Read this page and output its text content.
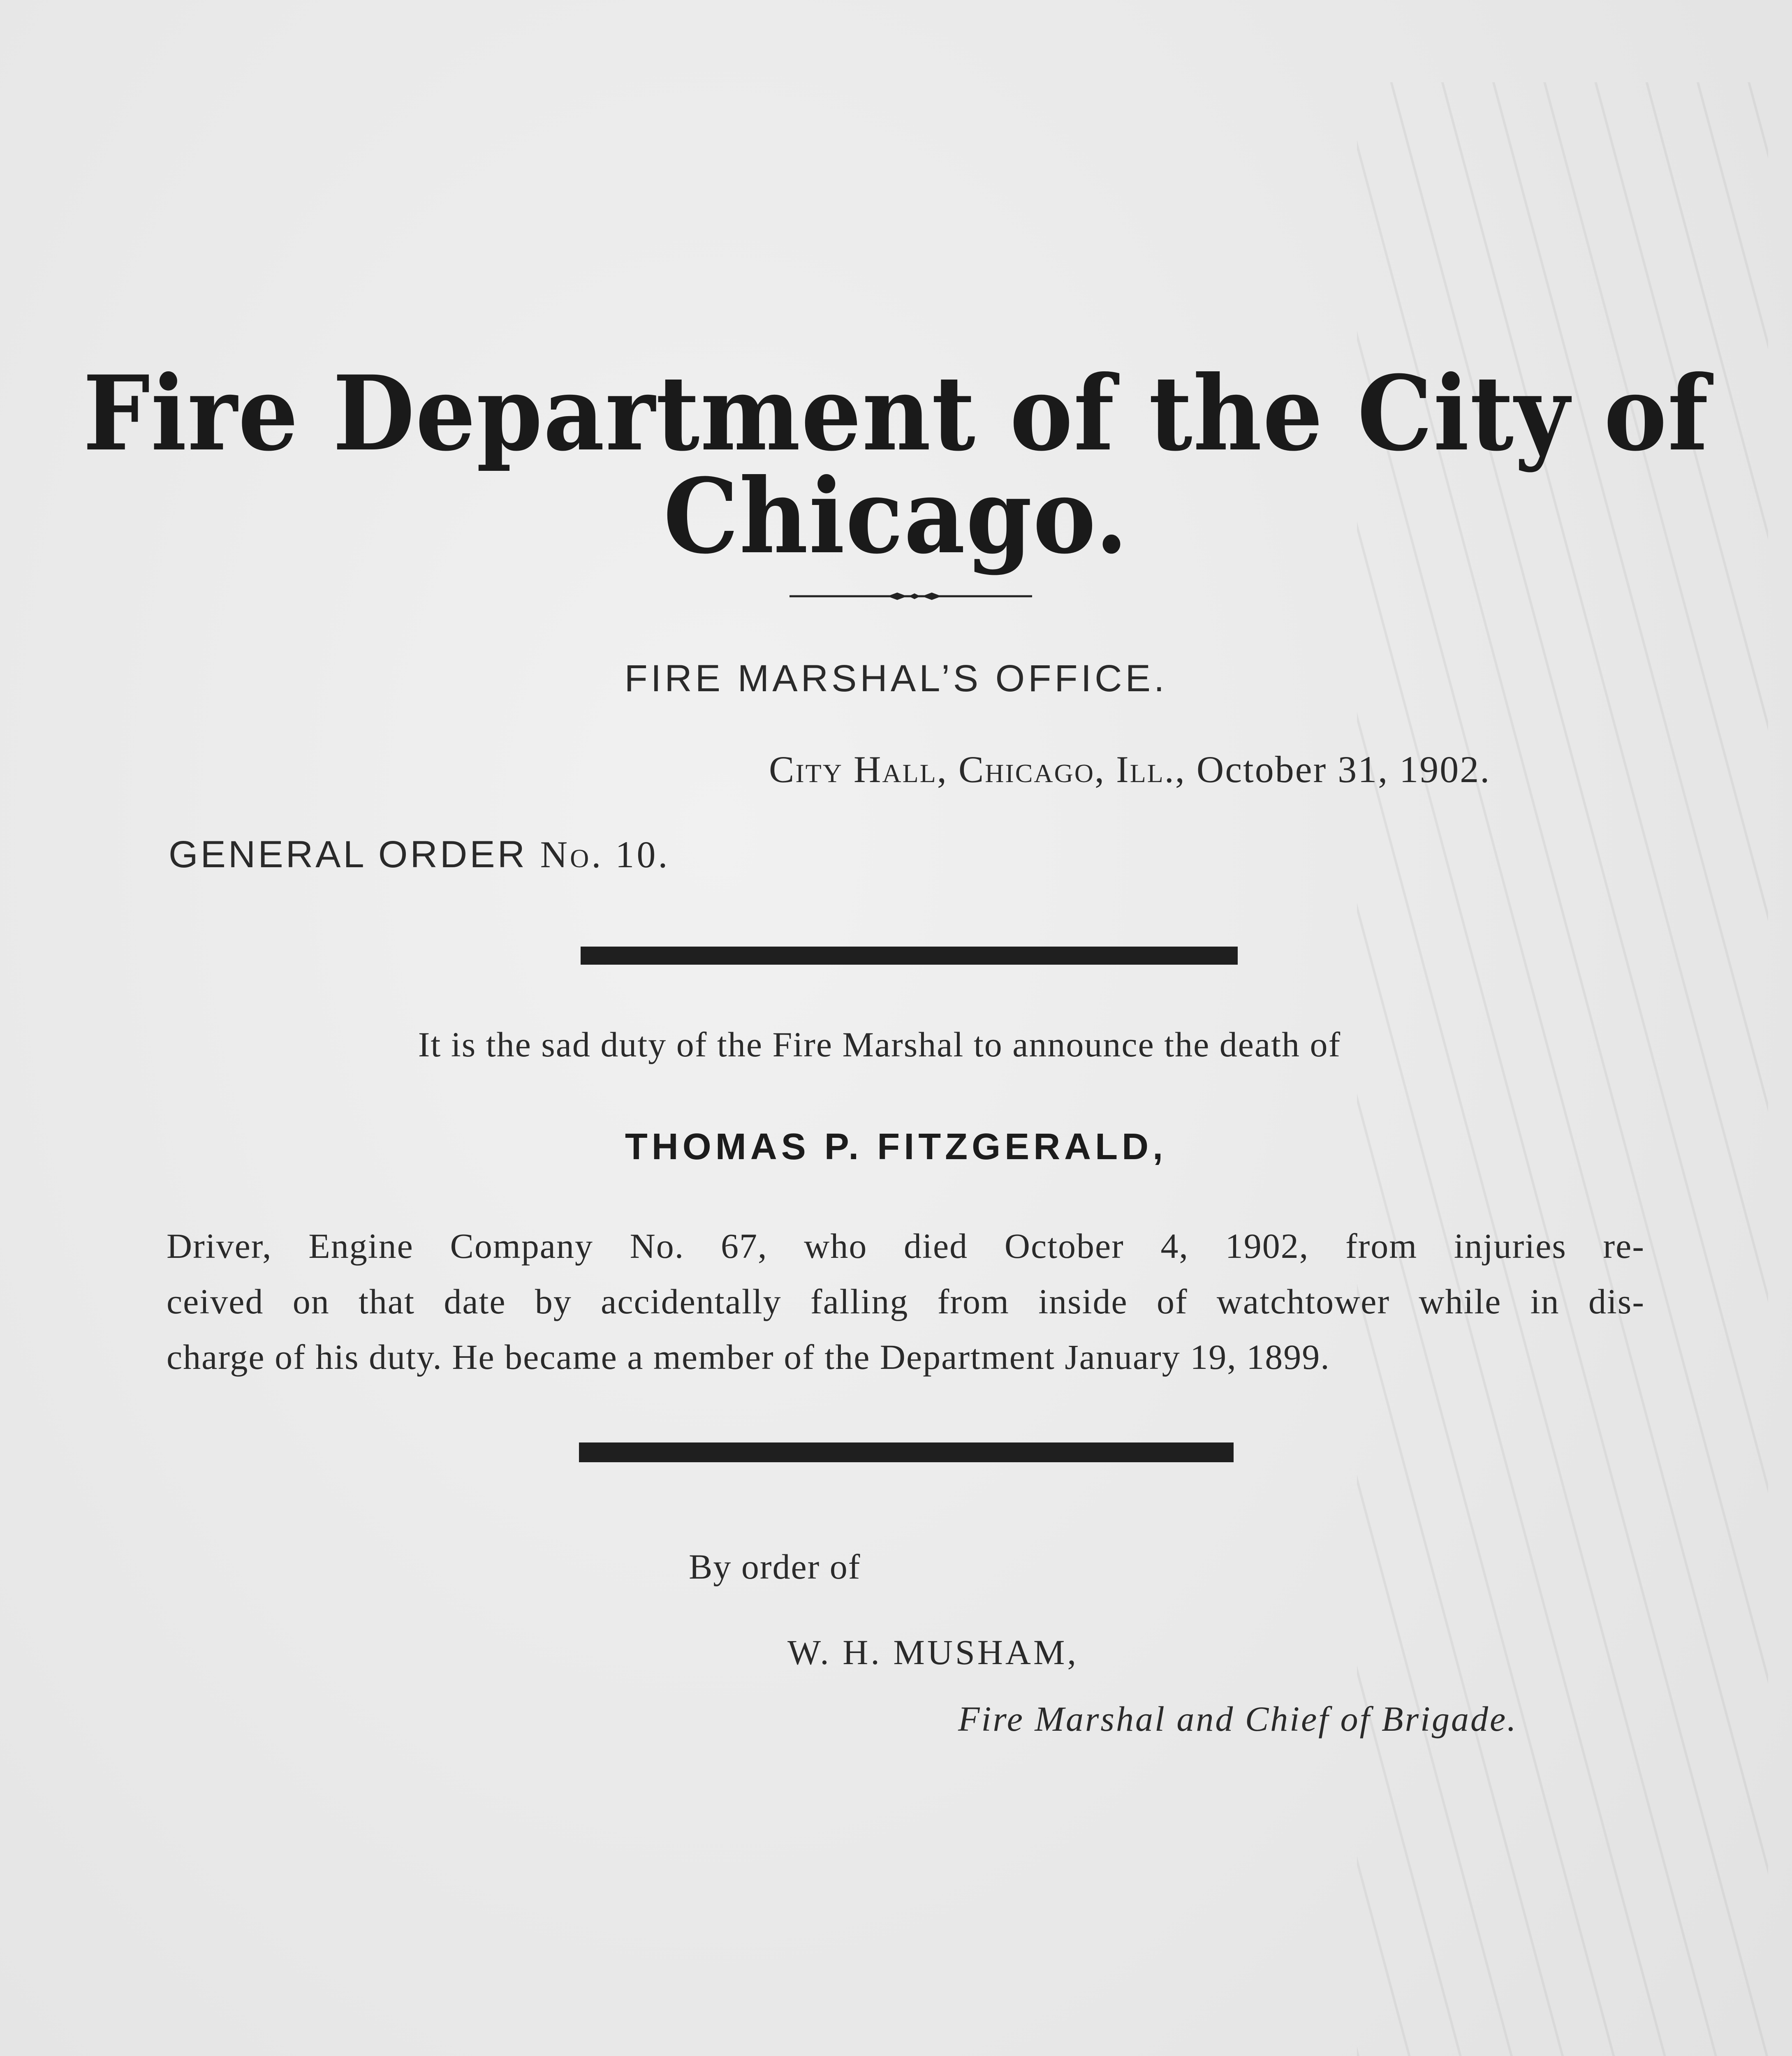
Fire Department of the City of Chicago.
FIRE MARSHAL’S OFFICE.
City Hall, Chicago, Ill., October 31, 1902.
GENERAL ORDER No. 10.
It is the sad duty of the Fire Marshal to announce the death of
THOMAS P. FITZGERALD,
Driver, Engine Company No. 67, who died October 4, 1902, from injuries re-
ceived on that date by accidentally falling from inside of watchtower while in dis-
charge of his duty. He became a member of the Department January 19, 1899.
By order of
W. H. MUSHAM,
Fire Marshal and Chief of Brigade.
